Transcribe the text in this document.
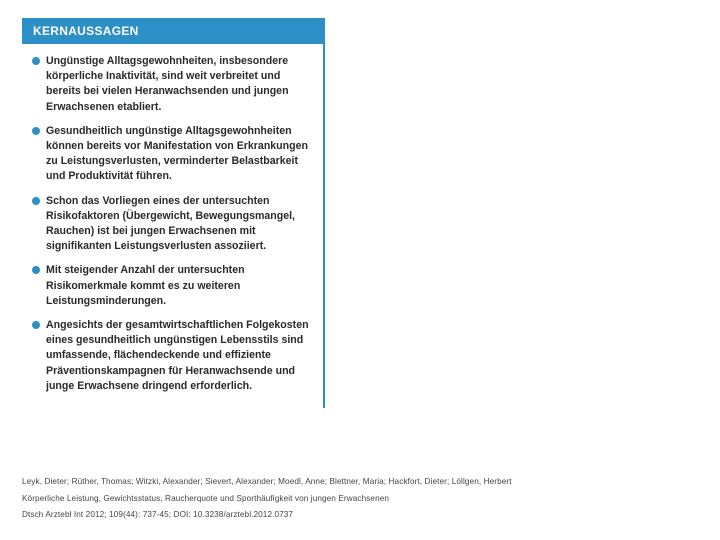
KERNAUSSAGEN
Ungünstige Alltagsgewohnheiten, insbesondere körperliche Inaktivität, sind weit verbreitet und bereits bei vielen Heranwachsenden und jungen Erwachsenen etabliert.
Gesundheitlich ungünstige Alltagsgewohnheiten können bereits vor Manifestation von Erkrankungen zu Leistungsverlusten, verminderter Belastbarkeit und Produktivität führen.
Schon das Vorliegen eines der untersuchten Risikofaktoren (Übergewicht, Bewegungsmangel, Rauchen) ist bei jungen Erwachsenen mit signifikanten Leistungsverlusten assoziiert.
Mit steigender Anzahl der untersuchten Risikomerkmale kommt es zu weiteren Leistungsminderungen.
Angesichts der gesamtwirtschaftlichen Folgekosten eines gesundheitlich ungünstigen Lebensstils sind umfassende, flächendeckende und effiziente Präventionskampagnen für Heranwachsende und junge Erwachsene dringend erforderlich.
Leyk, Dieter; Rüther, Thomas; Witzki, Alexander; Sievert, Alexander; Moedl, Anne; Blettner, Maria; Hackfort, Dieter; Löllgen, Herbert
Körperliche Leistung, Gewichtsstatus, Raucherquote und Sporthäufigkeit von jungen Erwachsenen
Dtsch Arztebl Int 2012; 109(44): 737-45; DOI: 10.3238/arztebl.2012.0737
